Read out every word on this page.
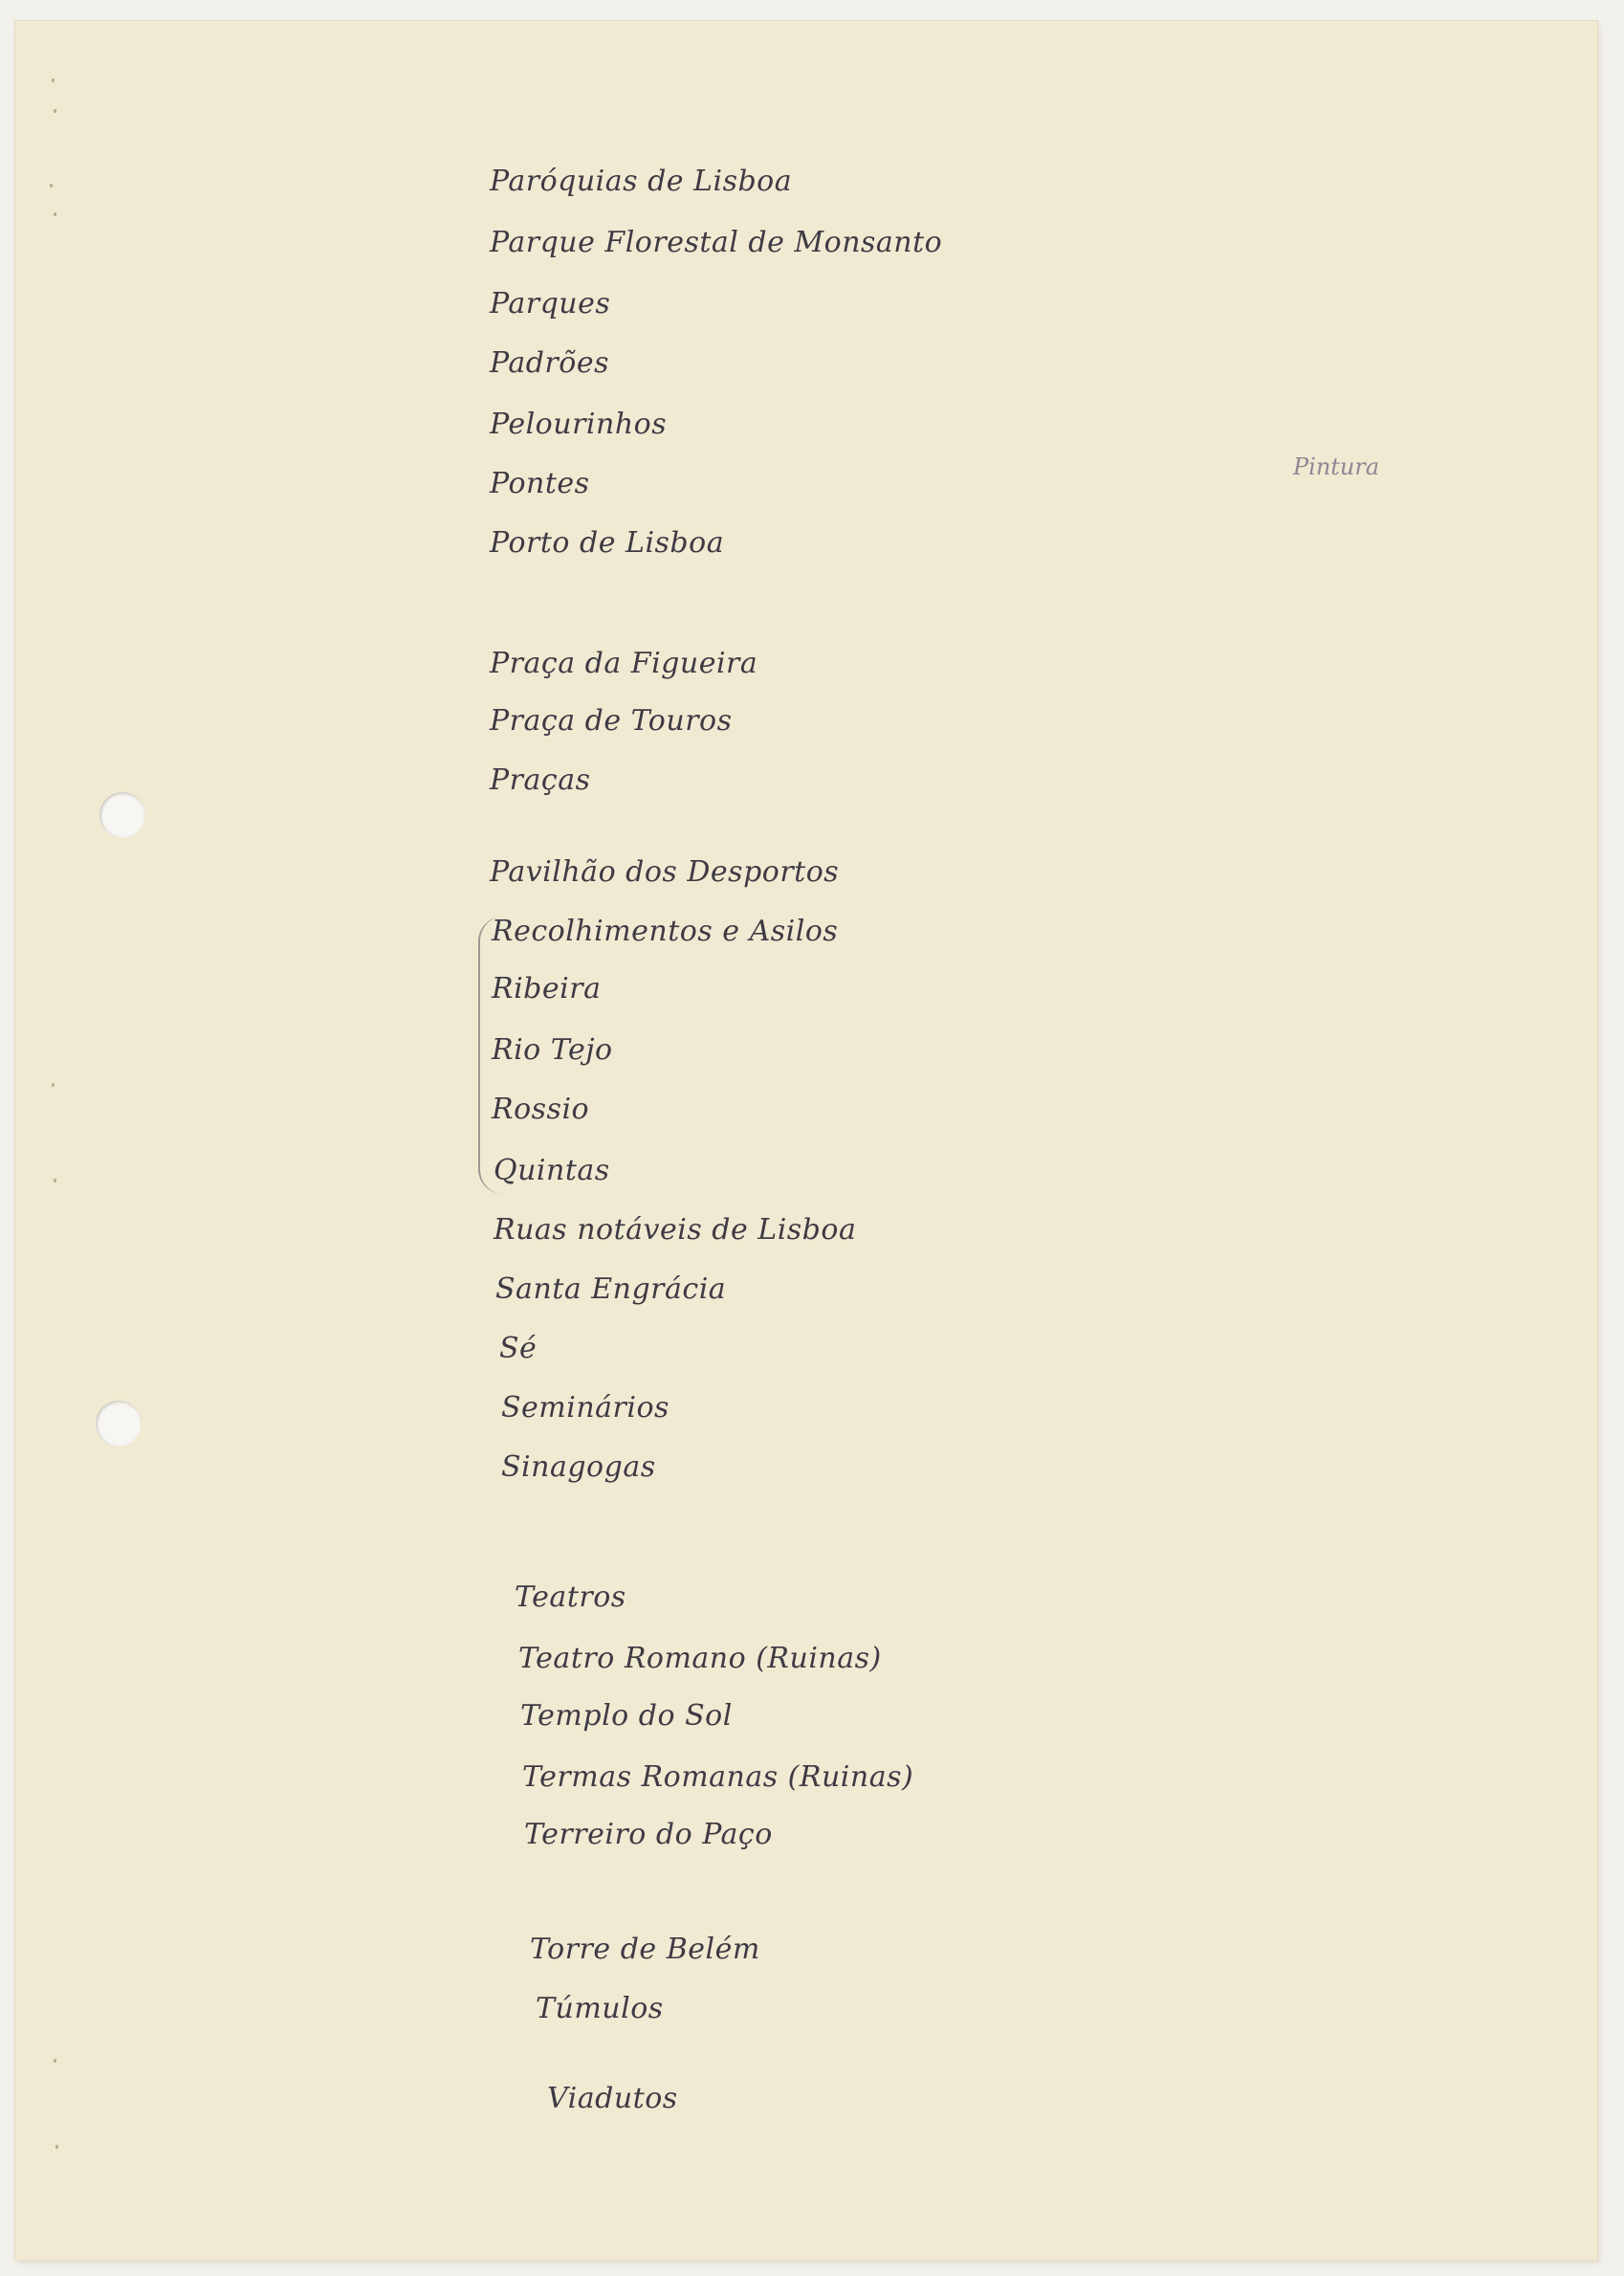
Pintura
Paróquias de Lisboa
Parque Florestal de Monsanto
Parques
Padrões
Pelourinhos
Pontes
Porto de Lisboa
Praça da Figueira
Praça de Touros
Praças
Pavilhão dos Desportos
Recolhimentos e Asilos
Ribeira
Rio Tejo
Rossio
Quintas
Ruas notáveis de Lisboa
Santa Engrácia
Sé
Seminários
Sinagogas
Teatros
Teatro Romano (Ruinas)
Templo do Sol
Termas Romanas (Ruinas)
Terreiro do Paço
Torre de Belém
Túmulos
Viadutos
